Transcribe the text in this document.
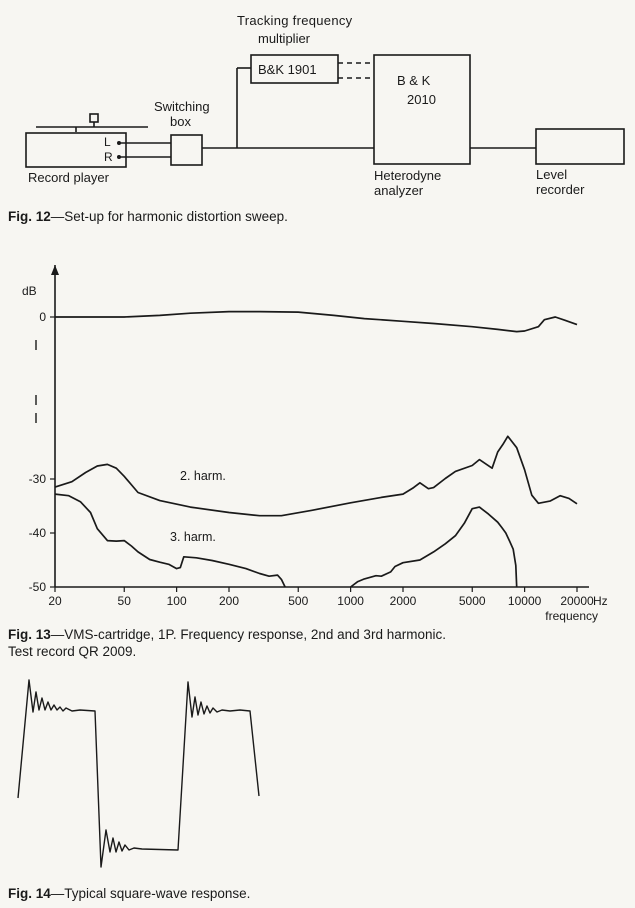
Tracking frequency
multiplier
B&K 1901
B & K
2010
Switching
box
L
R
Record player	Heterodyne
analyzer
Level
recorder
Fig. 12—Set-up for harmonic distortion sweep.
20	50	100	200	500 1000 2000	5000 10000 20000 Hz
frequency
0
-30
-40
-50
dB
2. harm.
3. harm.
Fig. 13—VMS-cartridge, 1P. Frequency response, 2nd and 3rd harmonic.
Test record QR 2009.
Fig. 14—Typical square-wave response.
